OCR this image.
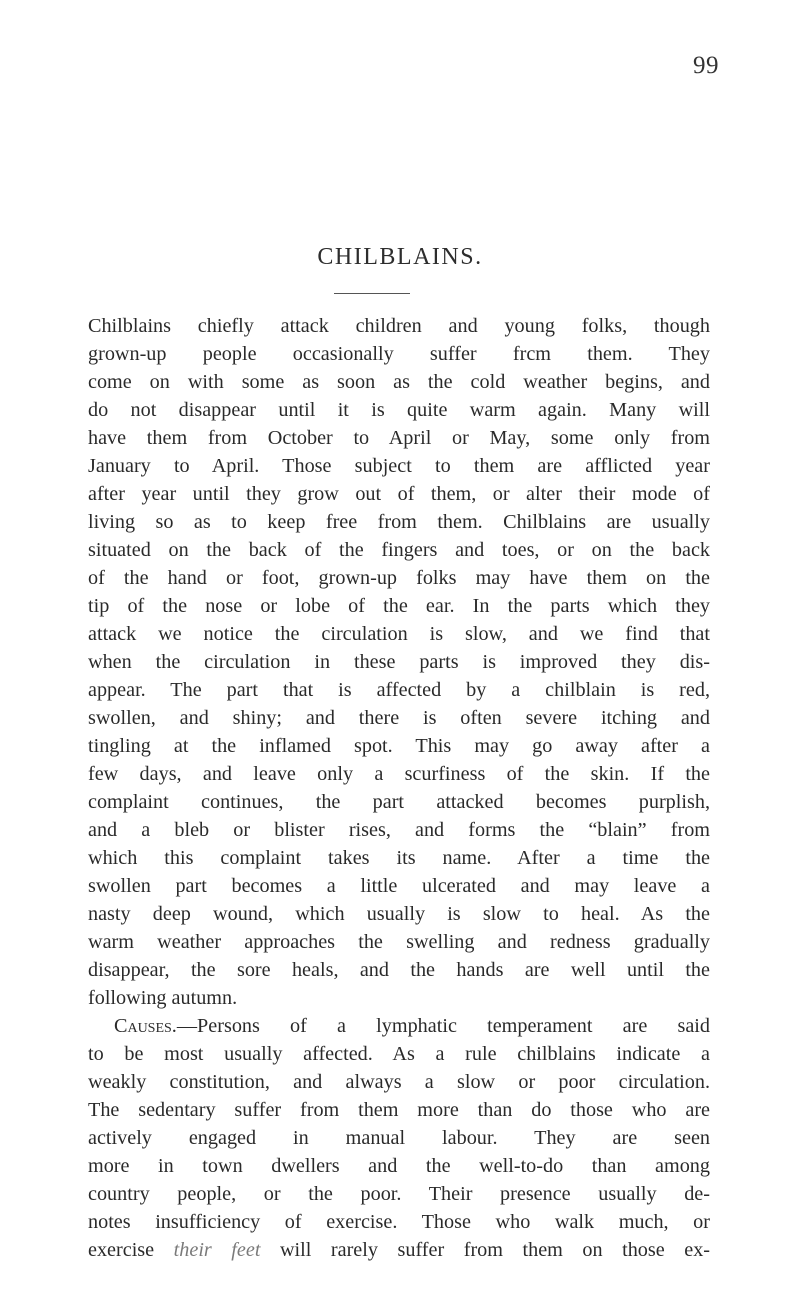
99
CHILBLAINS.
Chilblains chiefly attack children and young folks, though
grown-up people occasionally suffer frcm them. They
come on with some as soon as the cold weather begins, and
do not disappear until it is quite warm again. Many will
have them from October to April or May, some only from
January to April. Those subject to them are afflicted year
after year until they grow out of them, or alter their mode of
living so as to keep free from them. Chilblains are usually
situated on the back of the fingers and toes, or on the back
of the hand or foot, grown-up folks may have them on the
tip of the nose or lobe of the ear. In the parts which they
attack we notice the circulation is slow, and we find that
when the circulation in these parts is improved they dis-
appear. The part that is affected by a chilblain is red,
swollen, and shiny; and there is often severe itching and
tingling at the inflamed spot. This may go away after a
few days, and leave only a scurfiness of the skin. If the
complaint continues, the part attacked becomes purplish,
and a bleb or blister rises, and forms the “blain” from
which this complaint takes its name. After a time the
swollen part becomes a little ulcerated and may leave a
nasty deep wound, which usually is slow to heal. As the
warm weather approaches the swelling and redness gradually
disappear, the sore heals, and the hands are well until the
following autumn.
Causes.—Persons of a lymphatic temperament are said
to be most usually affected. As a rule chilblains indicate a
weakly constitution, and always a slow or poor circulation.
The sedentary suffer from them more than do those who are
actively engaged in manual labour. They are seen
more in town dwellers and the well-to-do than among
country people, or the poor. Their presence usually de-
notes insufficiency of exercise. Those who walk much, or
exercise their feet will rarely suffer from them on those ex-
